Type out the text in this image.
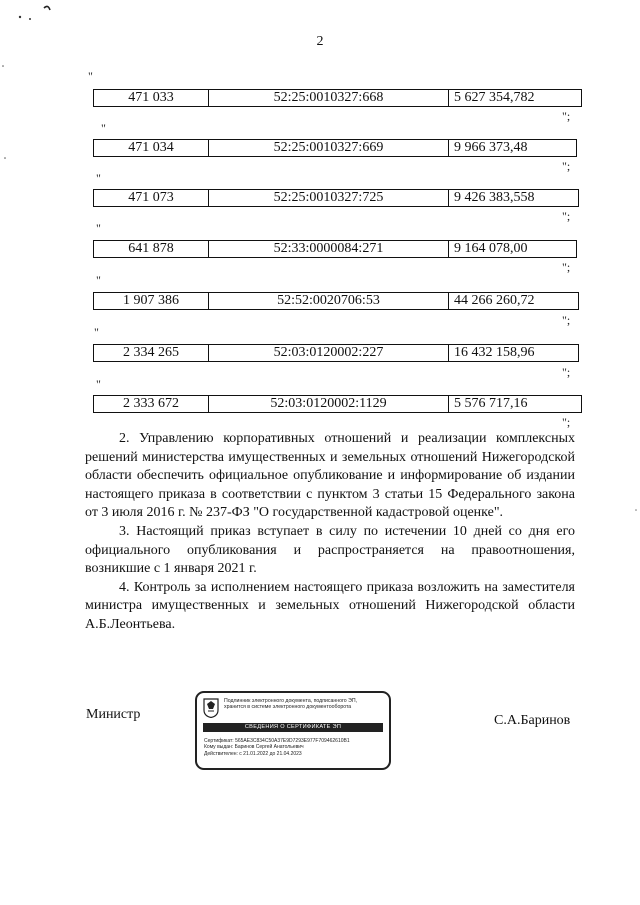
2
"
471 033	52:25:0010327:668	5 627 354,782
";
"
471 034	52:25:0010327:669	9 966 373,48
";
"
471 073	52:25:0010327:725	9 426 383,558
";
"
641 878	52:33:0000084:271	9 164 078,00
";
"
1 907 386	52:52:0020706:53	44 266 260,72
";
"
2 334 265	52:03:0120002:227	16 432 158,96
";
"
2 333 672	52:03:0120002:1129	5 576 717,16
";

2. Управлению корпоративных отношений и реализации комплексных решений министерства имущественных и земельных отношений Нижегородской области обеспечить официальное опубликование и информирование об издании настоящего приказа в соответствии с пунктом 3 статьи 15 Федерального закона от 3 июля 2016 г. № 237-ФЗ "О государственной кадастровой оценке".

3. Настоящий приказ вступает в силу по истечении 10 дней со дня его официального опубликования и распространяется на правоотношения, возникшие с 1 января 2021 г.

4. Контроль за исполнением настоящего приказа возложить на заместителя министра имущественных и земельных отношений Нижегородской области А.Б.Леонтьева.

Министр	С.А.Баринов
Подлинник электронного документа, подписанного ЭП,
хранится в системе электронного документооборота
СВЕДЕНИЯ О СЕРТИФИКАТЕ ЭП
Сертификат: 565AE3C834C50A37E9D7293E977F709462610B1
Кому выдан: Баринов Сергей Анатольевич
Действителен: с 21.01.2022 до 21.04.2023
